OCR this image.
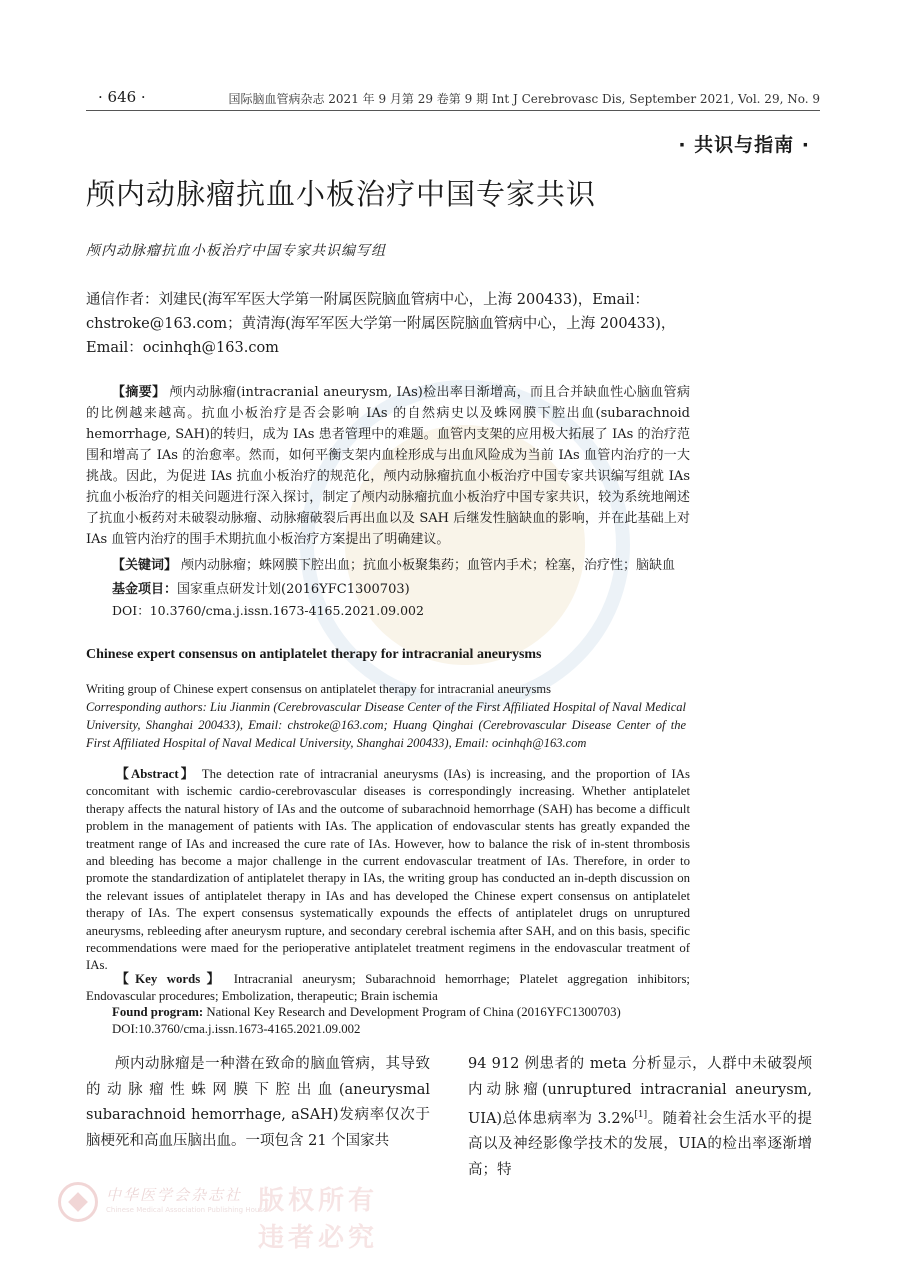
· 646 ·	国际脑血管病杂志 2021 年 9 月第 29 卷第 9 期 Int J Cerebrovasc Dis, September 2021, Vol. 29, No. 9
· 共识与指南 ·
颅内动脉瘤抗血小板治疗中国专家共识
颅内动脉瘤抗血小板治疗中国专家共识编写组
通信作者：刘建民(海军军医大学第一附属医院脑血管病中心，上海 200433)，Email：chstroke@163.com；黄清海(海军军医大学第一附属医院脑血管病中心，上海 200433)，Email：ocinhqh@163.com
【摘要】 颅内动脉瘤(intracranial aneurysm, IAs)检出率日渐增高，而且合并缺血性心脑血管病的比例越来越高。抗血小板治疗是否会影响 IAs 的自然病史以及蛛网膜下腔出血(subarachnoid hemorrhage, SAH)的转归，成为 IAs 患者管理中的难题。血管内支架的应用极大拓展了 IAs 的治疗范围和增高了 IAs 的治愈率。然而，如何平衡支架内血栓形成与出血风险成为当前 IAs 血管内治疗的一大挑战。因此，为促进 IAs 抗血小板治疗的规范化，颅内动脉瘤抗血小板治疗中国专家共识编写组就 IAs 抗血小板治疗的相关问题进行深入探讨，制定了颅内动脉瘤抗血小板治疗中国专家共识，较为系统地阐述了抗血小板药对未破裂动脉瘤、动脉瘤破裂后再出血以及 SAH 后继发性脑缺血的影响，并在此基础上对 IAs 血管内治疗的围手术期抗血小板治疗方案提出了明确建议。
【关键词】 颅内动脉瘤；蛛网膜下腔出血；抗血小板聚集药；血管内手术；栓塞，治疗性；脑缺血
基金项目：国家重点研发计划(2016YFC1300703)
DOI：10.3760/cma.j.issn.1673-4165.2021.09.002
Chinese expert consensus on antiplatelet therapy for intracranial aneurysms
Writing group of Chinese expert consensus on antiplatelet therapy for intracranial aneurysms
Corresponding authors: Liu Jianmin (Cerebrovascular Disease Center of the First Affiliated Hospital of Naval Medical University, Shanghai 200433), Email: chstroke@163.com; Huang Qinghai (Cerebrovascular Disease Center of the First Affiliated Hospital of Naval Medical University, Shanghai 200433), Email: ocinhqh@163.com
【Abstract】 The detection rate of intracranial aneurysms (IAs) is increasing, and the proportion of IAs concomitant with ischemic cardio-cerebrovascular diseases is correspondingly increasing. Whether antiplatelet therapy affects the natural history of IAs and the outcome of subarachnoid hemorrhage (SAH) has become a difficult problem in the management of patients with IAs. The application of endovascular stents has greatly expanded the treatment range of IAs and increased the cure rate of IAs. However, how to balance the risk of in-stent thrombosis and bleeding has become a major challenge in the current endovascular treatment of IAs. Therefore, in order to promote the standardization of antiplatelet therapy in IAs, the writing group has conducted an in-depth discussion on the relevant issues of antiplatelet therapy in IAs and has developed the Chinese expert consensus on antiplatelet therapy of IAs. The expert consensus systematically expounds the effects of antiplatelet drugs on unruptured aneurysms, rebleeding after aneurysm rupture, and secondary cerebral ischemia after SAH, and on this basis, specific recommendations were maed for the perioperative antiplatelet treatment regimens in the endovascular treatment of IAs.
【Key words】 Intracranial aneurysm; Subarachnoid hemorrhage; Platelet aggregation inhibitors; Endovascular procedures; Embolization, therapeutic; Brain ischemia
Found program: National Key Research and Development Program of China (2016YFC1300703)
DOI:10.3760/cma.j.issn.1673-4165.2021.09.002
颅内动脉瘤是一种潜在致命的脑血管病，其导致的动脉瘤性蛛网膜下腔出血(aneurysmal subarachnoid hemorrhage, aSAH)发病率仅次于脑梗死和高血压脑出血。一项包含 21 个国家共
94 912 例患者的 meta 分析显示，人群中未破裂颅内动脉瘤(unruptured intracranial aneurysm, UIA)总体患病率为 3.2%[1]。随着社会生活水平的提高以及神经影像学技术的发展，UIA的检出率逐渐增高；特
中华医学会杂志社
Chinese Medical Association Publishing House
版权所有 违者必究
